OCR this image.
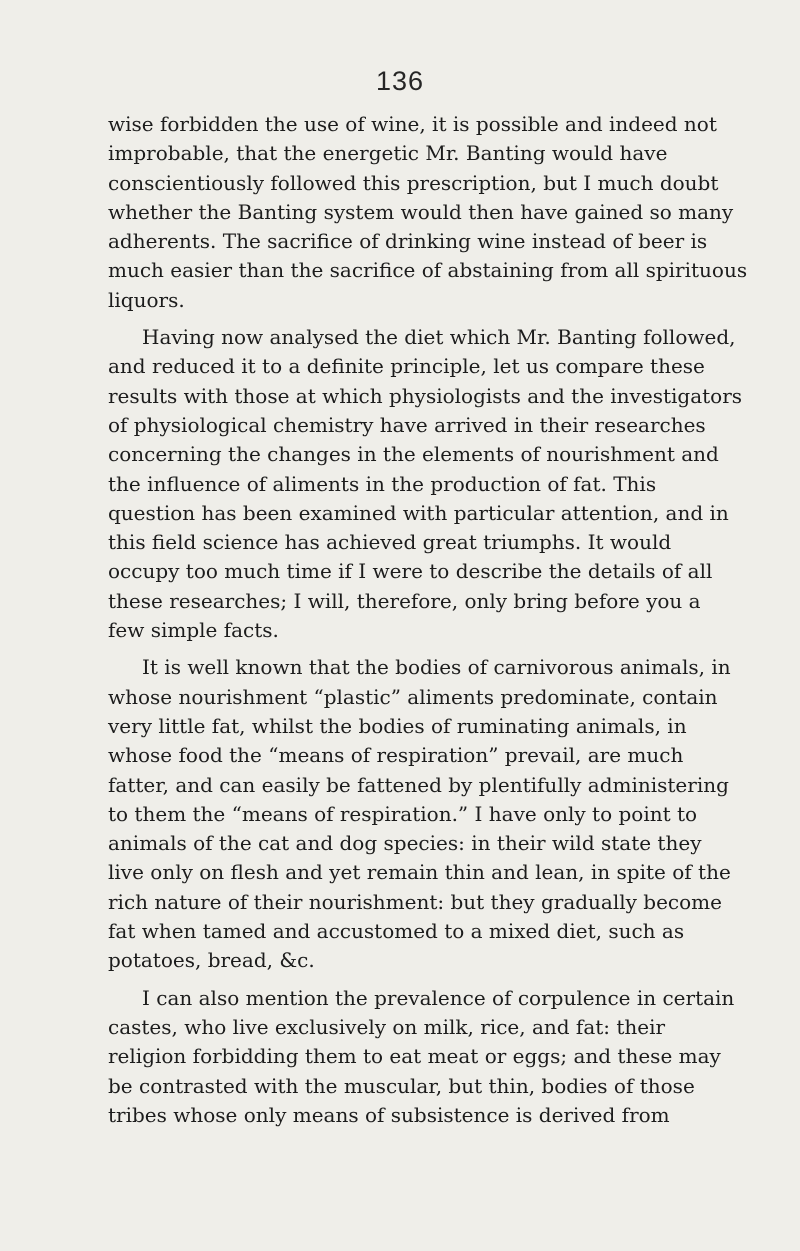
136
wise forbidden the use of wine, it is possible and indeed not
improbable, that the energetic Mr. Banting would have
conscientiously followed this prescription, but I much doubt
whether the Banting system would then have gained so many
adherents. The sacrifice of drinking wine instead of beer is
much easier than the sacrifice of abstaining from all spirituous
liquors.
Having now analysed the diet which Mr. Banting followed,
and reduced it to a definite principle, let us compare these
results with those at which physiologists and the investigators
of physiological chemistry have arrived in their researches
concerning the changes in the elements of nourishment and
the influence of aliments in the production of fat. This
question has been examined with particular attention, and in
this field science has achieved great triumphs. It would
occupy too much time if I were to describe the details of all
these researches; I will, therefore, only bring before you a
few simple facts.
It is well known that the bodies of carnivorous animals, in
whose nourishment “plastic” aliments predominate, contain
very little fat, whilst the bodies of ruminating animals, in
whose food the “means of respiration” prevail, are much
fatter, and can easily be fattened by plentifully administering
to them the “means of respiration.” I have only to point to
animals of the cat and dog species: in their wild state they
live only on flesh and yet remain thin and lean, in spite of the
rich nature of their nourishment: but they gradually become
fat when tamed and accustomed to a mixed diet, such as
potatoes, bread, &c.
I can also mention the prevalence of corpulence in certain
castes, who live exclusively on milk, rice, and fat: their
religion forbidding them to eat meat or eggs; and these may
be contrasted with the muscular, but thin, bodies of those
tribes whose only means of subsistence is derived from
